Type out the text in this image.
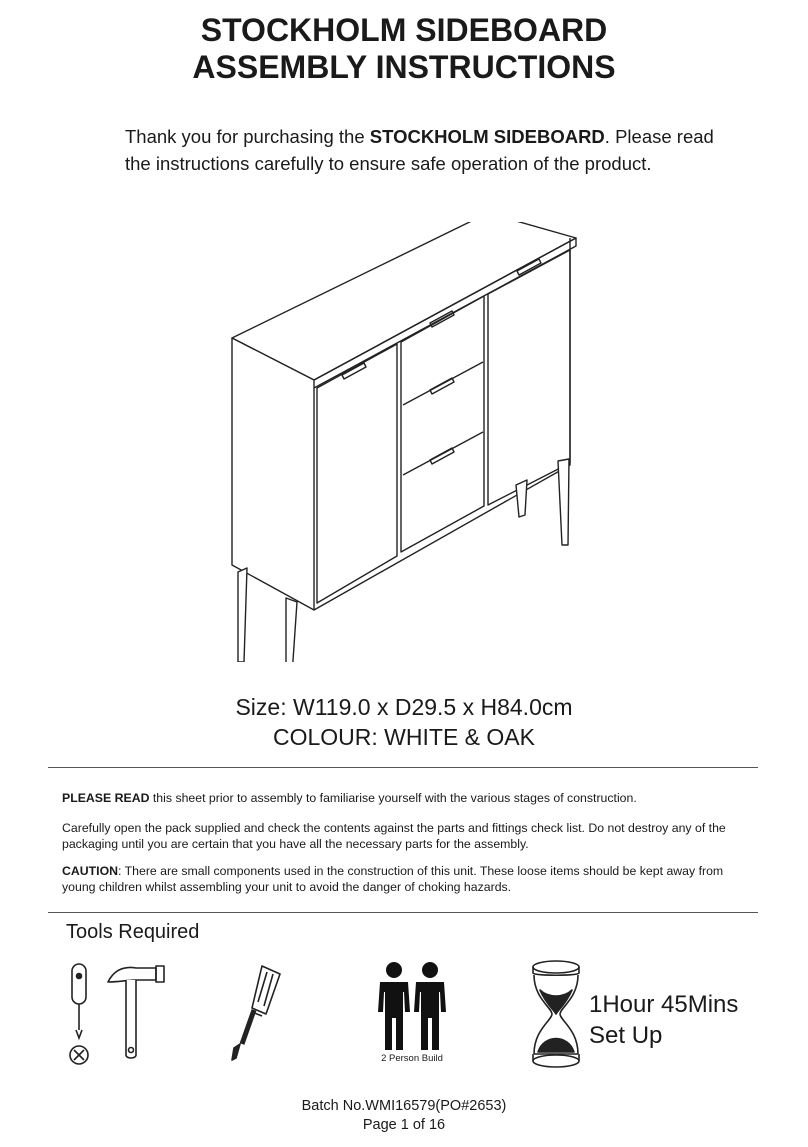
STOCKHOLM SIDEBOARD
ASSEMBLY INSTRUCTIONS
Thank you for purchasing the STOCKHOLM SIDEBOARD. Please read the instructions carefully to ensure safe operation of the product.
Size: W119.0 x D29.5 x H84.0cm
COLOUR: WHITE & OAK
PLEASE READ this sheet prior to assembly to familiarise yourself with the various stages of construction.
Carefully open the pack supplied and check the contents against the parts and fittings check list. Do not destroy any of the packaging until you are certain that you have all the necessary parts for the assembly.
CAUTION: There are small components used in the construction of this unit. These loose items should be kept away from young children whilst assembling your unit to avoid the danger of choking hazards.
Tools Required
2 Person Build
1Hour 45Mins
Set Up
Batch No.WMI16579(PO#2653)
Page 1 of 16
